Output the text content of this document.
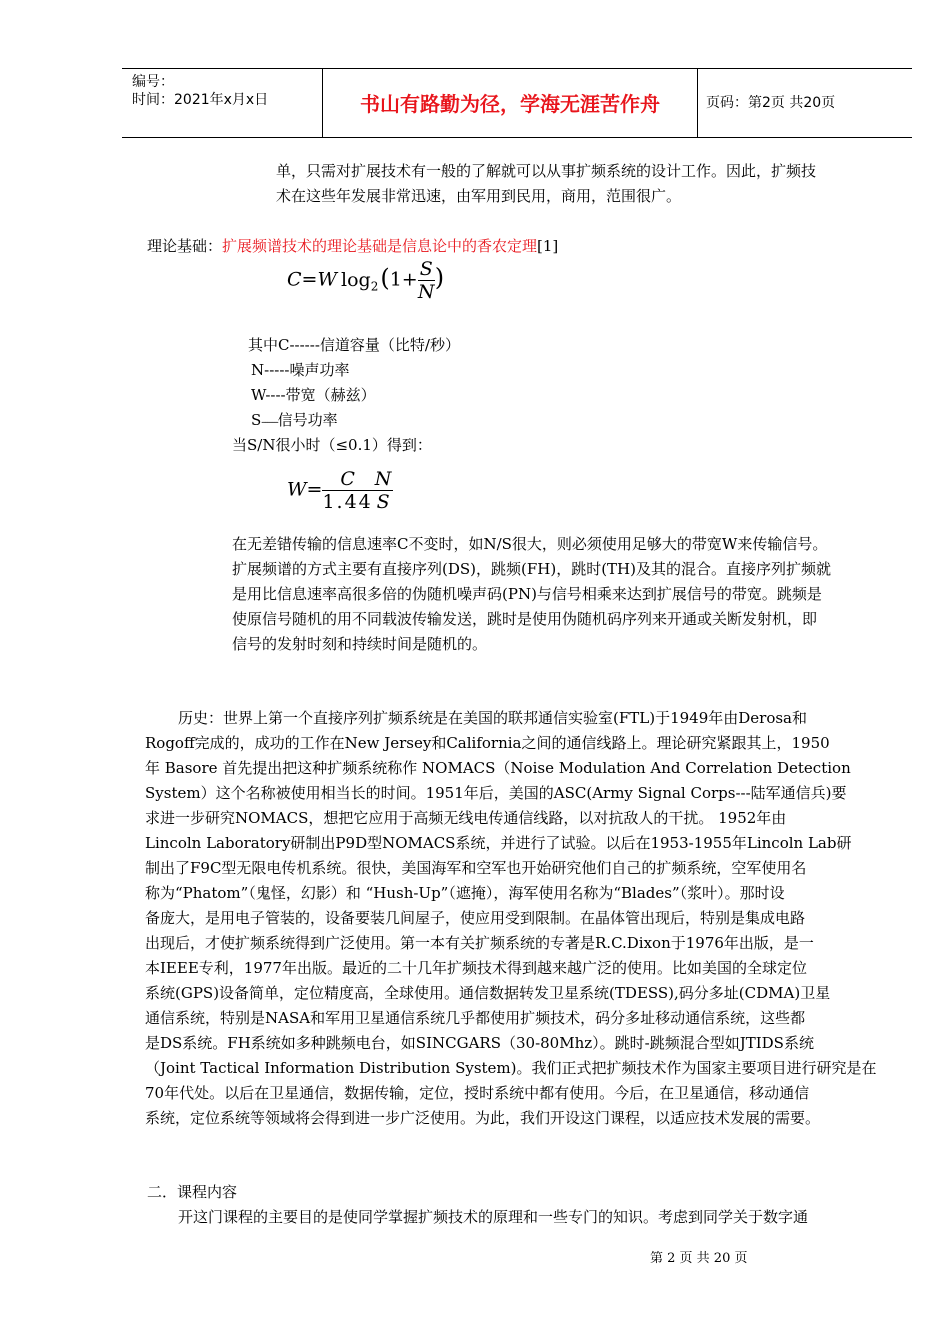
编号：
时间：2021年x月x日	书山有路勤为径，学海无涯苦作舟	页码：第2页 共20页
单，只需对扩展技术有一般的了解就可以从事扩频系统的设计工作。因此，扩频技
术在这些年发展非常迅速，由军用到民用，商用，范围很广。
理论基础：扩展频谱技术的理论基础是信息论中的香农定理[1]
C=W $\log_2(1+ \frac{S}{N}$ )
其中C------信道容量（比特/秒）
N-----噪声功率
W----带宽（赫兹）
S--------信号功率
当S/N很小时（≤0.1）得到：
$W= \frac{C}{1.44} \frac{N}{S}$
在无差错传输的信息速率C不变时，如N/S很大，则必须使用足够大的带宽W来传输信号。
扩展频谱的方式主要有直接序列(DS)，跳频(FH)，跳时(TH)及其的混合。直接序列扩频就
是用比信息速率高很多倍的伪随机噪声码(PN)与信号相乘来达到扩展信号的带宽。跳频是
使原信号随机的用不同载波传输发送，跳时是使用伪随机码序列来开通或关断发射机，即
信号的发射时刻和持续时间是随机的。
历史：世界上第一个直接序列扩频系统是在美国的联邦通信实验室(FTL)于1949年由Derosa和
Rogoff完成的，成功的工作在New Jersey和California之间的通信线路上。理论研究紧跟其上，1950
年 Basore 首先提出把这种扩频系统称作 NOMACS（Noise Modulation And Correlation Detection
System）这个名称被使用相当长的时间。1951年后，美国的ASC(Army Signal Corps---陆军通信兵)要
求进一步研究NOMACS，想把它应用于高频无线电传通信线路，以对抗敌人的干扰。 1952年由
Lincoln Laboratory研制出P9D型NOMACS系统，并进行了试验。以后在1953-1955年Lincoln Lab研
制出了F9C型无限电传机系统。很快，美国海军和空军也开始研究他们自己的扩频系统，空军使用名
称为“Phatom”（鬼怪，幻影）和 “Hush-Up”（遮掩），海军使用名称为“Blades”（浆叶）。那时设
备庞大，是用电子管装的，设备要装几间屋子，使应用受到限制。在晶体管出现后，特别是集成电路
出现后，才使扩频系统得到广泛使用。第一本有关扩频系统的专著是R.C.Dixon于1976年出版，是一
本IEEE专利，1977年出版。最近的二十几年扩频技术得到越来越广泛的使用。比如美国的全球定位
系统(GPS)设备简单，定位精度高，全球使用。通信数据转发卫星系统(TDESS),码分多址(CDMA)卫星
通信系统，特别是NASA和军用卫星通信系统几乎都使用扩频技术，码分多址移动通信系统，这些都
是DS系统。FH系统如多种跳频电台，如SINCGARS（30-80Mhz）。跳时-跳频混合型如JTIDS系统
（Joint Tactical Information Distribution System)。我们正式把扩频技术作为国家主要项目进行研究是在
70年代处。以后在卫星通信，数据传输，定位，授时系统中都有使用。今后，在卫星通信，移动通信
系统，定位系统等领域将会得到进一步广泛使用。为此，我们开设这门课程，以适应技术发展的需要。
二．课程内容
开这门课程的主要目的是使同学掌握扩频技术的原理和一些专门的知识。考虑到同学关于数字通
第 2 页 共 20 页
